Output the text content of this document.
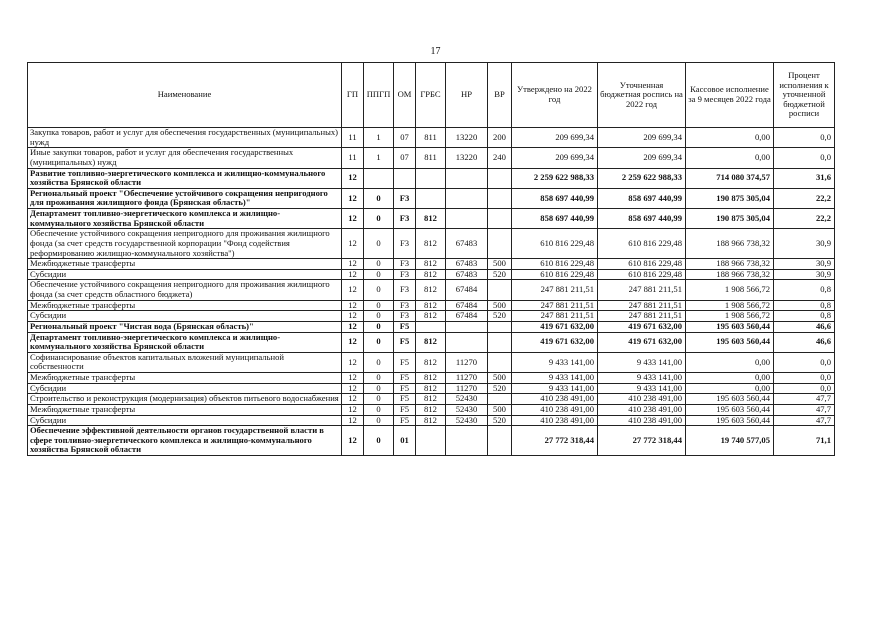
17
Наименование	ГП	ППГП	ОМ	ГРБС	НР	ВР	Утверждено на 2022 год	Уточненная бюджетная роспись на 2022 год	Кассовое исполнение за 9 месяцев 2022 года	Процент исполнения к уточненной бюджетной росписи
Закупка товаров, работ и услуг для обеспечения государственных (муниципальных) нужд	11	1	07	811	13220	200	209 699,34	209 699,34	0,00	0,0
Иные закупки товаров, работ и услуг для обеспечения государственных (муниципальных) нужд	11	1	07	811	13220	240	209 699,34	209 699,34	0,00	0,0
Развитие топливно-энергетического комплекса и жилищно-коммунального хозяйства Брянской области	12						2 259 622 988,33	2 259 622 988,33	714 080 374,57	31,6
Региональный проект "Обеспечение устойчивого сокращения непригодного для проживания жилищного фонда (Брянская область)"	12	0	F3				858 697 440,99	858 697 440,99	190 875 305,04	22,2
Департамент топливно-энергетического комплекса и жилищно-коммунального хозяйства Брянской области	12	0	F3	812			858 697 440,99	858 697 440,99	190 875 305,04	22,2
Обеспечение устойчивого сокращения непригодного для проживания жилищного фонда (за счет средств государственной корпорации "Фонд содействия реформированию жилищно-коммунального хозяйства")	12	0	F3	812	67483		610 816 229,48	610 816 229,48	188 966 738,32	30,9
Межбюджетные трансферты	12	0	F3	812	67483	500	610 816 229,48	610 816 229,48	188 966 738,32	30,9
Субсидии	12	0	F3	812	67483	520	610 816 229,48	610 816 229,48	188 966 738,32	30,9
Обеспечение устойчивого сокращения непригодного для проживания жилищного фонда (за счет средств областного бюджета)	12	0	F3	812	67484		247 881 211,51	247 881 211,51	1 908 566,72	0,8
Межбюджетные трансферты	12	0	F3	812	67484	500	247 881 211,51	247 881 211,51	1 908 566,72	0,8
Субсидии	12	0	F3	812	67484	520	247 881 211,51	247 881 211,51	1 908 566,72	0,8
Региональный проект "Чистая вода (Брянская область)"	12	0	F5				419 671 632,00	419 671 632,00	195 603 560,44	46,6
Департамент топливно-энергетического комплекса и жилищно-коммунального хозяйства Брянской области	12	0	F5	812			419 671 632,00	419 671 632,00	195 603 560,44	46,6
Софинансирование объектов капитальных вложений муниципальной собственности	12	0	F5	812	11270		9 433 141,00	9 433 141,00	0,00	0,0
Межбюджетные трансферты	12	0	F5	812	11270	500	9 433 141,00	9 433 141,00	0,00	0,0
Субсидии	12	0	F5	812	11270	520	9 433 141,00	9 433 141,00	0,00	0,0
Строительство и реконструкция (модернизация) объектов питьевого водоснабжения	12	0	F5	812	52430		410 238 491,00	410 238 491,00	195 603 560,44	47,7
Межбюджетные трансферты	12	0	F5	812	52430	500	410 238 491,00	410 238 491,00	195 603 560,44	47,7
Субсидии	12	0	F5	812	52430	520	410 238 491,00	410 238 491,00	195 603 560,44	47,7
Обеспечение эффективной деятельности органов государственной власти в сфере топливно-энергетического комплекса и жилищно-коммунального хозяйства Брянской области	12	0	01				27 772 318,44	27 772 318,44	19 740 577,05	71,1
